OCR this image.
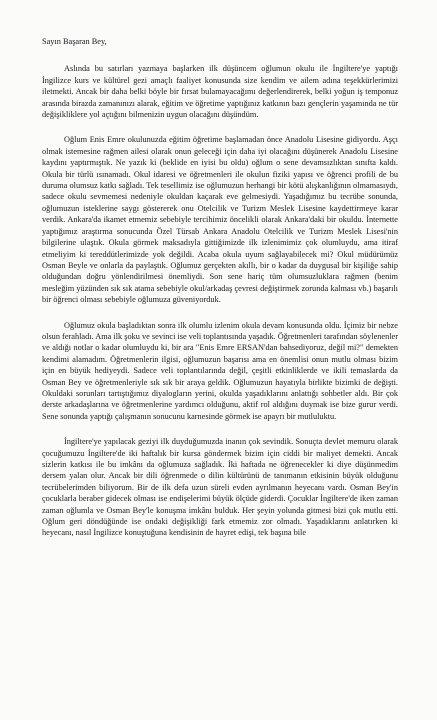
Sayın Başaran Bey,

Aslında bu satırları yazmaya başlarken ilk düşüncem oğlumun okulu ile İngiltere'ye yaptığı İngilizce kurs ve kültürel gezi amaçlı faaliyet konusunda size kendim ve ailem adına teşekkürlerimizi iletmekti. Ancak bir daha belki böyle bir fırsat bulamayacağımı değerlendirerek, belki yoğun iş temponuz arasında birazda zamanınızı alarak, eğitim ve öğretime yaptığınız katkının bazı gençlerin yaşamında ne tür değişikliklere yol açtığını bilmenizin uygun olacağını düşündüm.

Oğlum Enis Emre okulunuzda eğitim öğretime başlamadan önce Anadolu Lisesine gidiyordu. Aşçı olmak istemesine rağmen ailesi olarak onun geleceği için daha iyi olacağını düşünerek Anadolu Lisesine kaydını yaptırmıştık. Ne yazık ki (beklide en iyisi bu oldu) oğlum o sene devamsızlıktan sınıfta kaldı. Okula bir türlü ısınamadı. Okul idaresi ve öğretmenleri ile okulun fiziki yapısı ve öğrenci profili de bu duruma olumsuz katkı sağladı. Tek tesellimiz ise oğlumuzun herhangi bir kötü alışkanlığının olmamasıydı, sadece okulu sevmemesi nedeniyle okuldan kaçarak eve gelmesiydi. Yaşadığımız bu tecrübe sonunda, oğlumuzun isteklerine saygı göstererek onu Otelcilik ve Turizm Meslek Lisesine kaydettirmeye karar verdik. Ankara'da ikamet etmemiz sebebiyle tercihimiz öncelikli olarak Ankara'daki bir okuldu. İnternette yaptığımız araştırma sonucunda Özel Türsab Ankara Anadolu Otelcilik ve Turizm Meslek Lisesi'nin bilgilerine ulaştık. Okula görmek maksadıyla gittiğimizde ilk izlenimimiz çok olumluydu, ama itiraf etmeliyim ki tereddütlerimizde yok değildi. Acaba okula uyum sağlayabilecek mi? Okul müdürümüz Osman Beyle ve onlarla da paylaştık. Oğlumuz gerçekten akıllı, bir o kadar da duygusal bir kişiliğe sahip olduğundan doğru yönlendirilmesi önemliydi. Son sene hariç tüm olumsuzluklara rağmen (benim mesleğim yüzünden sık sık atama sebebiyle okul/arkadaş çevresi değiştirmek zorunda kalması vb.) başarılı bir öğrenci olması sebebiyle oğlumuza güveniyorduk.

Oğlumuz okula başladıktan sonra ilk olumlu izlenim okula devam konusunda oldu. İçimiz bir nebze olsun ferahladı. Ama ilk şoku ve sevinci ise veli toplantısında yaşadık. Öğretmenleri tarafından söylenenler ve aldığı notlar o kadar olumluydu ki, bir ara "Enis Emre ERSAN'dan bahsediyoruz, değil mi?" demekten kendimi alamadım. Öğretmenlerin ilgisi, oğlumuzun başarısı ama en önemlisi onun mutlu olması bizim için en büyük hediyeydi. Sadece veli toplantılarında değil, çeşitli etkinliklerde ve ikili temaslarda da Osman Bey ve öğretmenleriyle sık sık bir araya geldik. Oğlumuzun hayatıyla birlikte bizimki de değişti. Okuldaki sorunları tartıştığımız diyalogların yerini, okulda yaşadıklarını anlattığı sohbetler aldı. Bir çok derste arkadaşlarına ve öğretmenlerine yardımcı olduğunu, aktif rol aldığını duymak ise bize gurur verdi. Sene sonunda yaptığı çalışmanın sonucunu karnesinde görmek ise apayrı bir mutluluktu.

İngiltere'ye yapılacak geziyi ilk duyduğumuzda inanın çok sevindik. Sonuçta devlet memuru olarak çocuğumuzu İngiltere'de iki haftalık bir kursa göndermek bizim için ciddi bir maliyet demekti. Ancak sizlerin katkısı ile bu imkânı da oğlumuza sağladık. İki haftada ne öğrenecekler ki diye düşünmedim dersem yalan olur. Ancak bir dili öğrenmede o dilin kültürünü de tanımanın etkisinin büyük olduğunu tecrübelerimden biliyorum. Bir de ilk defa uzun süreli evden ayrılmanın heyecanı vardı. Osman Bey'in çocuklarla beraber gidecek olması ise endişelerimi büyük ölçüde giderdi. Çocuklar İngiltere'de iken zaman zaman oğlumla ve Osman Bey'le konuşma imkânı bulduk. Her şeyin yolunda gitmesi bizi çok mutlu etti. Oğlum geri döndüğünde ise ondaki değişikliği fark etmemiz zor olmadı. Yaşadıklarını anlatırken ki heyecanı, nasıl İngilizce konuştuğuna kendisinin de hayret edişi, tek başına bile
